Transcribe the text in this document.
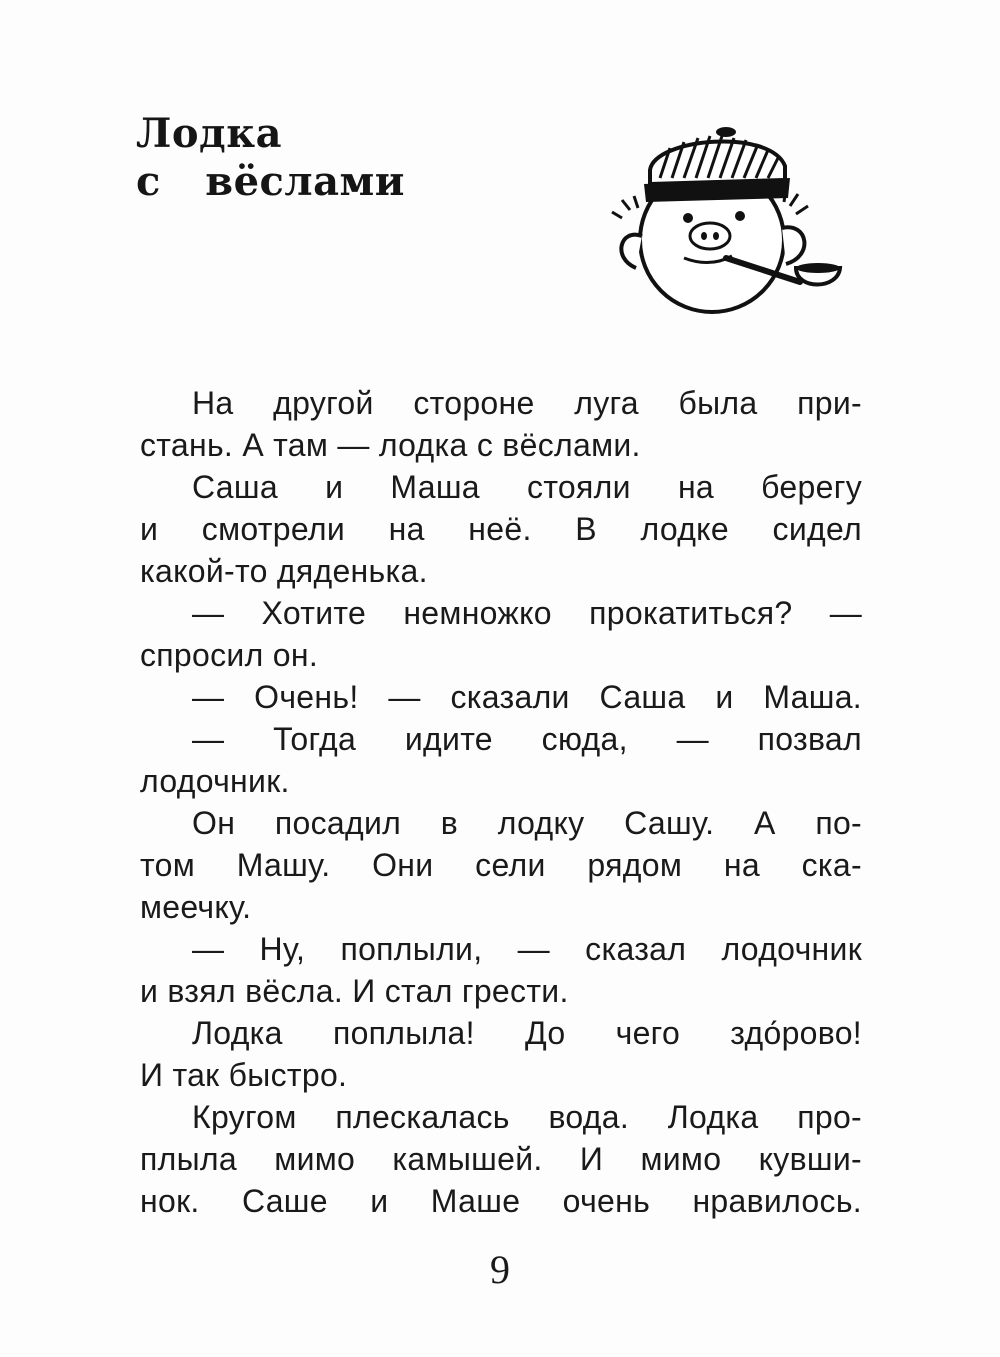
Лодка
с вёслами
На другой стороне луга была при-
стань. А там — лодка с вёслами.
Саша и Маша стояли на берегу
и смотрели на неё. В лодке сидел
какой-то дяденька.
— Хотите немножко прокатиться? —
спросил он.
— Очень! — сказали Саша и Маша.
— Тогда идите сюда, — позвал
лодочник.
Он посадил в лодку Сашу. А по-
том Машу. Они сели рядом на ска-
меечку.
— Ну, поплыли, — сказал лодочник
и взял вёсла. И стал грести.
Лодка поплыла! До чего здо́рово!
И так быстро.
Кругом плескалась вода. Лодка про-
плыла мимо камышей. И мимо кувши-
нок. Саше и Маше очень нравилось.
9
